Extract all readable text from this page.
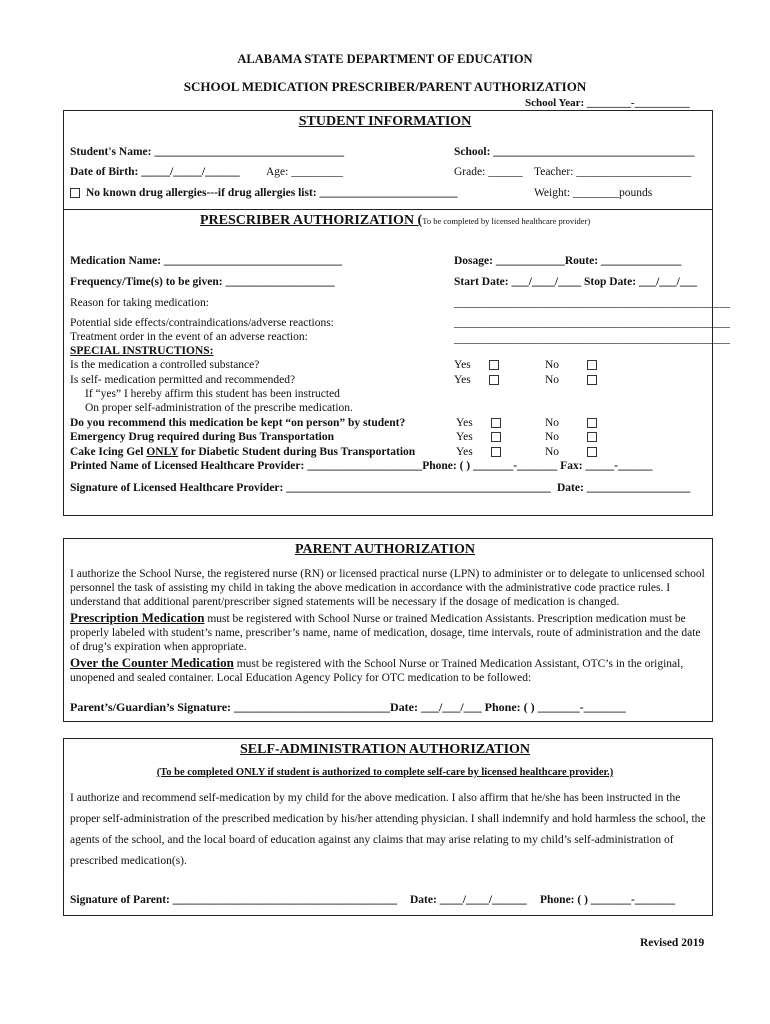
ALABAMA STATE DEPARTMENT OF EDUCATION
SCHOOL MEDICATION PRESCRIBER/PARENT AUTHORIZATION
School Year: ________-__________
STUDENT INFORMATION
Student's Name: _________________________________	School: ___________________________________
Date of Birth: _____/_____/______ Age: _________	Grade: ______ Teacher: ____________________
No known drug allergies---if drug allergies list: ________________________	Weight: ________pounds
PRESCRIBER AUTHORIZATION (To be completed by licensed healthcare provider)
Medication Name: _______________________________	Dosage: ____________Route: ______________
Frequency/Time(s) to be given: ___________________	Start Date: ___/____/____ Stop Date: ___/___/___
Reason for taking medication:	________________________________________________
Potential side effects/contraindications/adverse reactions:	________________________________________________
Treatment order in the event of an adverse reaction:	________________________________________________
SPECIAL INSTRUCTIONS:
Is the medication a controlled substance?	Yes	No
Is self- medication permitted and recommended?	Yes	No
If “yes” I hereby affirm this student has been instructed
On proper self-administration of the prescribe medication.
Do you recommend this medication be kept “on person” by student?	Yes	No
Emergency Drug required during Bus Transportation	Yes	No
Cake Icing Gel ONLY for Diabetic Student during Bus Transportation	Yes	No
Printed Name of Licensed Healthcare Provider: ____________________Phone: ( ) _______-_______ Fax: _____-______
Signature of Licensed Healthcare Provider: ______________________________________________ Date: __________________
PARENT AUTHORIZATION
I authorize the School Nurse, the registered nurse (RN) or licensed practical nurse (LPN) to administer or to delegate to unlicensed school personnel the task of assisting my child in taking the above medication in accordance with the administrative code practice rules. I understand that additional parent/prescriber signed statements will be necessary if the dosage of medication is changed.
Prescription Medication must be registered with School Nurse or trained Medication Assistants. Prescription medication must be properly labeled with student’s name, prescriber’s name, name of medication, dosage, time intervals, route of administration and the date of drug’s expiration when appropriate.
Over the Counter Medication must be registered with the School Nurse or Trained Medication Assistant, OTC’s in the original, unopened and sealed container. Local Education Agency Policy for OTC medication to be followed:
Parent’s/Guardian’s Signature: __________________________Date: ___/___/___ Phone: ( ) _______-_______
SELF-ADMINISTRATION AUTHORIZATION
(To be completed ONLY if student is authorized to complete self-care by licensed healthcare provider.)
I authorize and recommend self-medication by my child for the above medication. I also affirm that he/she has been instructed in the proper self-administration of the prescribed medication by his/her attending physician. I shall indemnify and hold harmless the school, the agents of the school, and the local board of education against any claims that may arise relating to my child’s self-administration of prescribed medication(s).
Signature of Parent: _______________________________________ Date: ____/____/______ Phone: ( ) _______-_______
Revised 2019
